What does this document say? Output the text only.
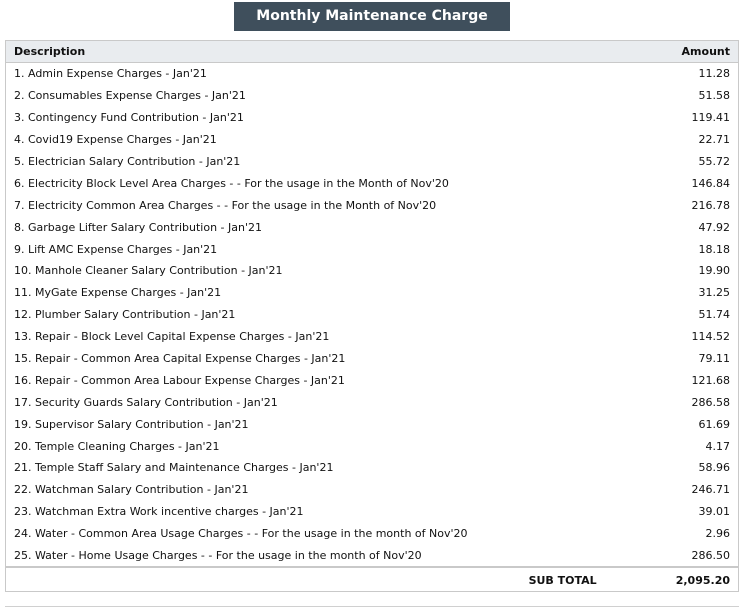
Monthly Maintenance Charge (MMC)
Description	Amount
1. Admin Expense Charges - Jan'21	11.28
2. Consumables Expense Charges - Jan'21	51.58
3. Contingency Fund Contribution - Jan'21	119.41
4. Covid19 Expense Charges - Jan'21	22.71
5. Electrician Salary Contribution - Jan'21	55.72
6. Electricity Block Level Area Charges - - For the usage in the Month of Nov'20	146.84
7. Electricity Common Area Charges - - For the usage in the Month of Nov'20	216.78
8. Garbage Lifter Salary Contribution - Jan'21	47.92
9. Lift AMC Expense Charges - Jan'21	18.18
10. Manhole Cleaner Salary Contribution - Jan'21	19.90
11. MyGate Expense Charges - Jan'21	31.25
12. Plumber Salary Contribution - Jan'21	51.74
13. Repair - Block Level Capital Expense Charges - Jan'21	114.52
15. Repair - Common Area Capital Expense Charges - Jan'21	79.11
16. Repair - Common Area Labour Expense Charges - Jan'21	121.68
17. Security Guards Salary Contribution - Jan'21	286.58
19. Supervisor Salary Contribution - Jan'21	61.69
20. Temple Cleaning Charges - Jan'21	4.17
21. Temple Staff Salary and Maintenance Charges - Jan'21	58.96
22. Watchman Salary Contribution - Jan'21	246.71
23. Watchman Extra Work incentive charges - Jan'21	39.01
24. Water - Common Area Usage Charges - - For the usage in the month of Nov'20	2.96
25. Water - Home Usage Charges - - For the usage in the month of Nov'20	286.50
SUB TOTAL	2,095.20
